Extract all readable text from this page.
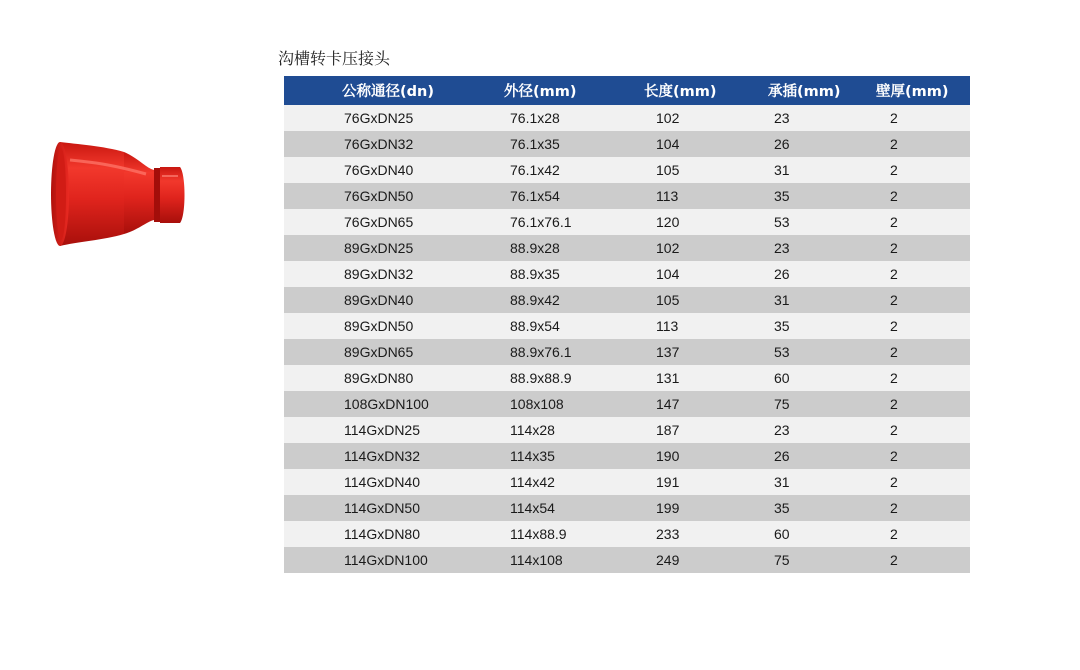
沟槽转卡压接头
公称通径(dn)	外径(mm)	长度(mm)	承插(mm)	壁厚(mm)
76GxDN25	76.1x28	102	23	2
76GxDN32	76.1x35	104	26	2
76GxDN40	76.1x42	105	31	2
76GxDN50	76.1x54	113	35	2
76GxDN65	76.1x76.1	120	53	2
89GxDN25	88.9x28	102	23	2
89GxDN32	88.9x35	104	26	2
89GxDN40	88.9x42	105	31	2
89GxDN50	88.9x54	113	35	2
89GxDN65	88.9x76.1	137	53	2
89GxDN80	88.9x88.9	131	60	2
108GxDN100	108x108	147	75	2
114GxDN25	114x28	187	23	2
114GxDN32	114x35	190	26	2
114GxDN40	114x42	191	31	2
114GxDN50	114x54	199	35	2
114GxDN80	114x88.9	233	60	2
114GxDN100	114x108	249	75	2
